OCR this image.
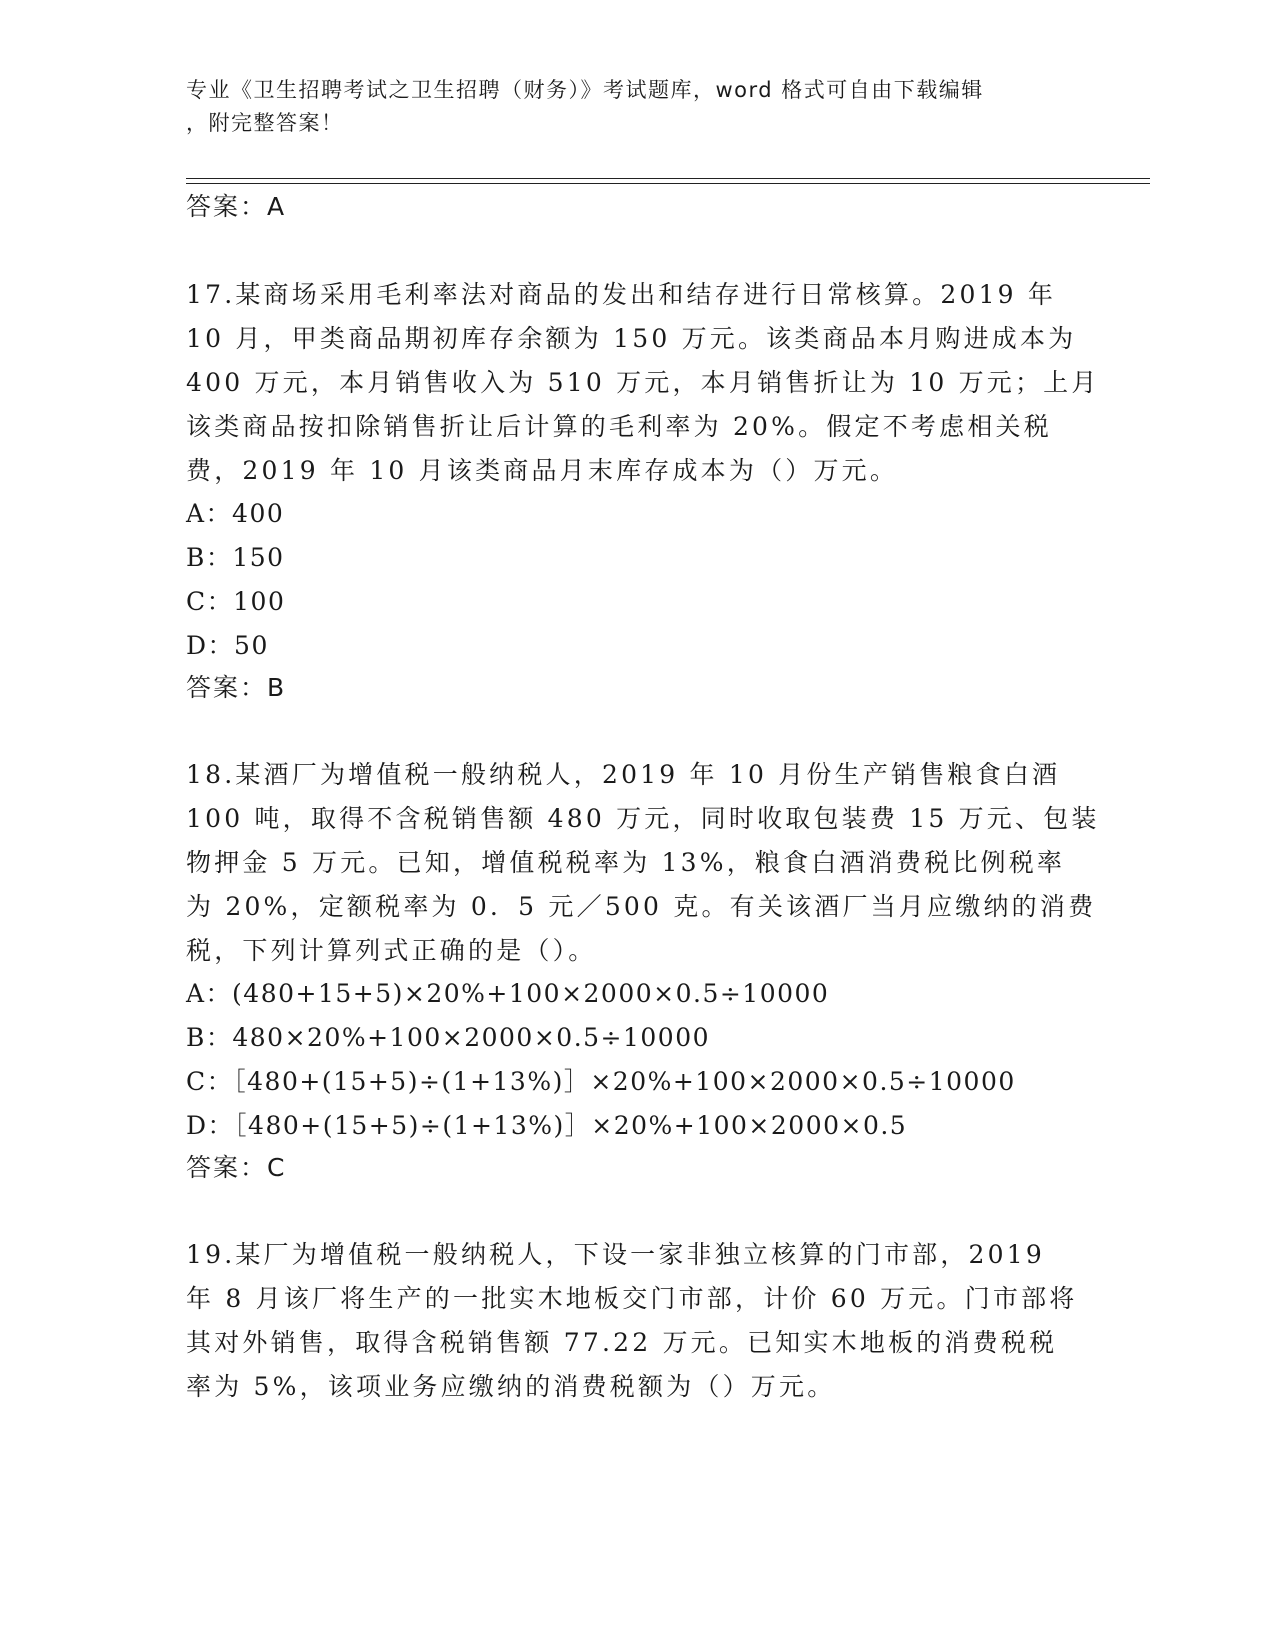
专业《卫生招聘考试之卫生招聘（财务）》考试题库，word 格式可自由下载编辑
，附完整答案！
答案：A
17.某商场采用毛利率法对商品的发出和结存进行日常核算。2019 年
10 月，甲类商品期初库存余额为 150 万元。该类商品本月购进成本为
400 万元，本月销售收入为 510 万元，本月销售折让为 10 万元；上月
该类商品按扣除销售折让后计算的毛利率为 20%。假定不考虑相关税
费，2019 年 10 月该类商品月末库存成本为（）万元。
A：400
B：150
C：100
D：50
答案：B
18.某酒厂为增值税一般纳税人，2019 年 10 月份生产销售粮食白酒
100 吨，取得不含税销售额 480 万元，同时收取包装费 15 万元、包装
物押金 5 万元。已知，增值税税率为 13%，粮食白酒消费税比例税率
为 20%，定额税率为 0．5 元／500 克。有关该酒厂当月应缴纳的消费
税，下列计算列式正确的是（）。
A：(480+15+5)×20%+100×2000×0.5÷10000
B：480×20%+100×2000×0.5÷10000
C：［480+(15+5)÷(1+13%)］×20%+100×2000×0.5÷10000
D：［480+(15+5)÷(1+13%)］×20%+100×2000×0.5
答案：C
19.某厂为增值税一般纳税人，下设一家非独立核算的门市部，2019
年 8 月该厂将生产的一批实木地板交门市部，计价 60 万元。门市部将
其对外销售，取得含税销售额 77.22 万元。已知实木地板的消费税税
率为 5%，该项业务应缴纳的消费税额为（）万元。
